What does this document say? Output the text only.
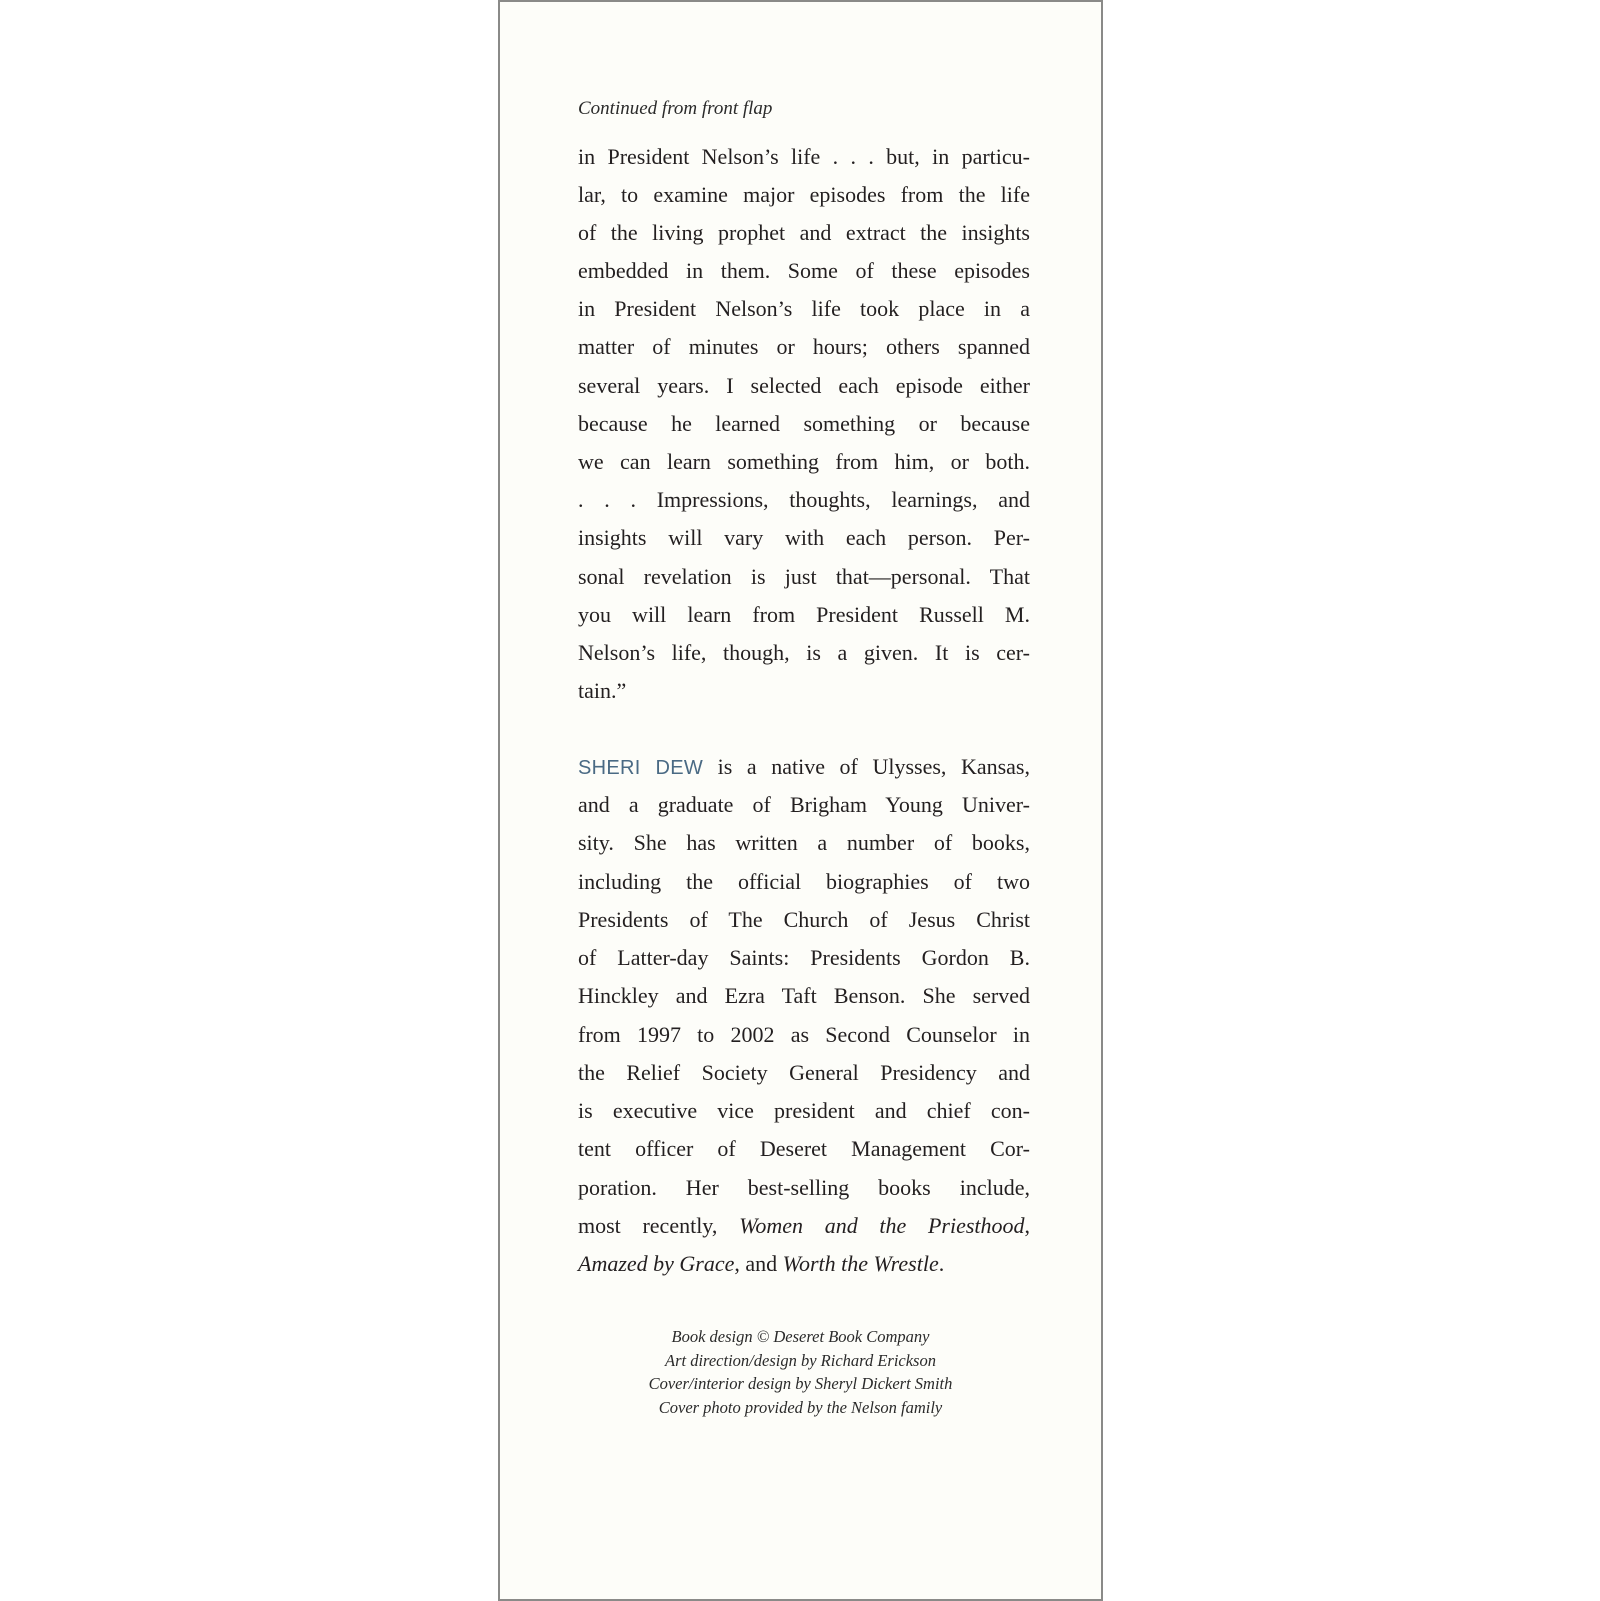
Continued from front flap
in President Nelson’s life . . . but, in particu-
lar, to examine major episodes from the life
of the living prophet and extract the insights
embedded in them. Some of these episodes
in President Nelson’s life took place in a
matter of minutes or hours; others spanned
several years. I selected each episode either
because he learned something or because
we can learn something from him, or both.
. . . Impressions, thoughts, learnings, and
insights will vary with each person. Per-
sonal revelation is just that—personal. That
you will learn from President Russell M.
Nelson’s life, though, is a given. It is cer-
tain.”
SHERI DEW is a native of Ulysses, Kansas,
and a graduate of Brigham Young Univer-
sity. She has written a number of books,
including the official biographies of two
Presidents of The Church of Jesus Christ
of Latter-day Saints: Presidents Gordon B.
Hinckley and Ezra Taft Benson. She served
from 1997 to 2002 as Second Counselor in
the Relief Society General Presidency and
is executive vice president and chief con-
tent officer of Deseret Management Cor-
poration. Her best-selling books include,
most recently, Women and the Priesthood,
Amazed by Grace, and Worth the Wrestle.
Book design © Deseret Book Company
Art direction/design by Richard Erickson
Cover/interior design by Sheryl Dickert Smith
Cover photo provided by the Nelson family
